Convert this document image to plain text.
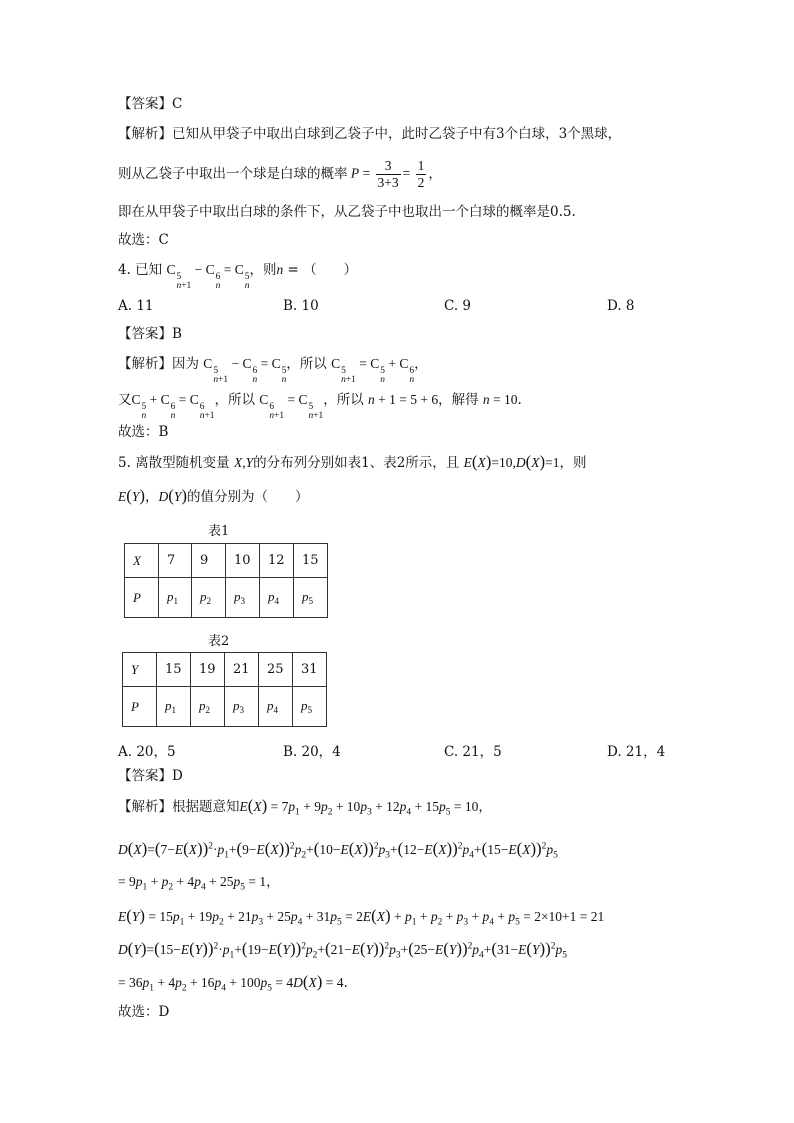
【答案】C
【解析】已知从甲袋子中取出白球到乙袋子中，此时乙袋子中有3个白球，3个黑球，
则从乙袋子中取出一个球是白球的概率 $P = \frac{3}{3+3} = \frac{1}{2}$ ，
即在从甲袋子中取出白球的条件下，从乙袋子中也取出一个白球的概率是0.5.
故选：C
4. 已知 C
5
n+1
− C
6
n
= C
5
n
，则n = （　　）
A. 11	B. 10	C. 9	D. 8
【答案】B
【解析】因为 C
5
n+1
− C
6
n
= C
5
n
，所以 C
5
n+1
= C
5
n
+ C
6
n
，
又C
5
n
+ C
6
n
= C
6
n+1
，所以 C
6
n+1
= C
5
n+1
，所以 n + 1 = 5 + 6，解得 n = 10.
故选：B
5. 离散型随机变量 X,Y的分布列分别如表1、表2所示，且 E(X)=10,D(X)=1，则
E(Y)，D(Y)的值分别为（　　）
表1
X	7	9	10	12	15
P	$p_1$	$p_2$	$p_3$	$p_4$	$p_5$
表2
Y	15	19	21	25	31
P	$p_1$	$p_2$	$p_3$	$p_4$	$p_5$
A. 20，5	B. 20，4	C. 21，5	D. 21，4
【答案】D
【解析】根据题意知$E(X) = 7p_1 + 9p_2 + 10p_3 + 12p_4 + 15p_5 = 10$，
$D(X)=(7-E(X))^2\cdot p_1+(9-E(X))^2p_2+(10-E(X))^2p_3+(12-E(X))^2p_4+(15-E(X))^2p_5$
= $9p_1 + p_2 + 4p_4 + 25p_5 = 1$，
$E(Y) = 15p_1 + 19p_2 + 21p_3 + 25p_4 + 31p_5 = 2E(X) + p_1 + p_2 + p_3 + p_4 + p_5 = 2\times 10+1 = 21$
$D(Y)=(15-E(Y))^2\cdot p_1+(19-E(Y))^2p_2+(21-E(Y))^2p_3+(25-E(Y))^2p_4+(31-E(Y))^2p_5$
= $36p_1 + 4p_2 + 16p_4 + 100p_5 = 4D(X) = 4$.
故选：D
